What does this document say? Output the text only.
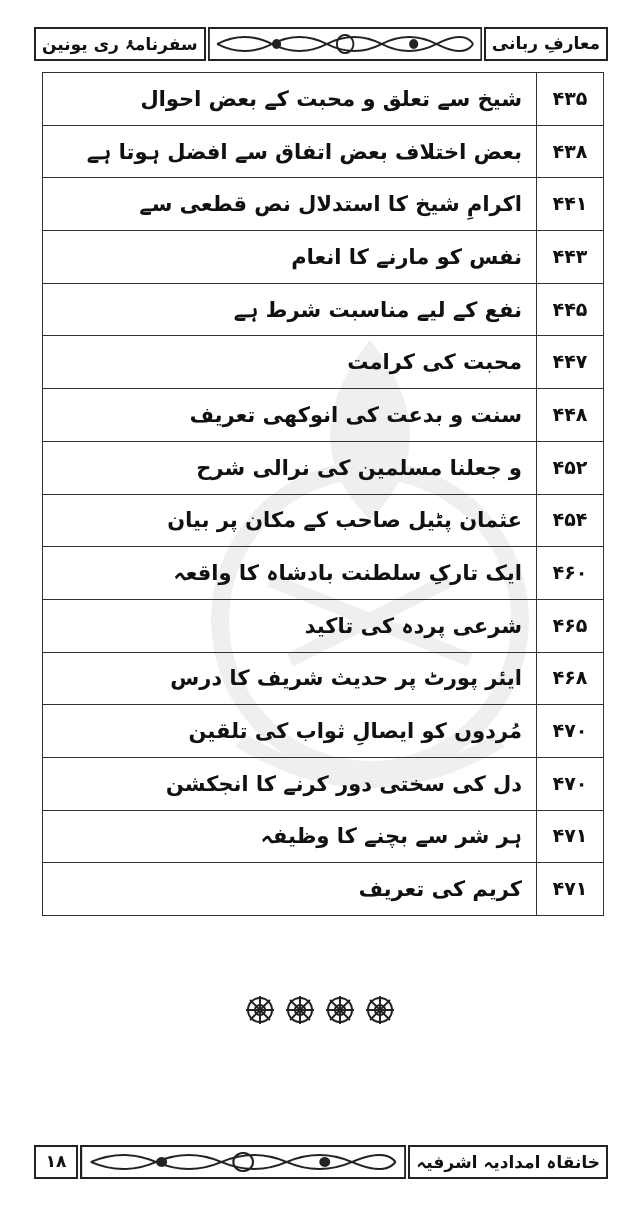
سفرنامۂ ری یونین	معارفِ ربانی
۴۳۵	شیخ سے تعلق و محبت کے بعض احوال
۴۳۸	بعض اختلاف بعض اتفاق سے افضل ہوتا ہے
۴۴۱	اکرامِ شیخ کا استدلال نص قطعی سے
۴۴۳	نفس کو مارنے کا انعام
۴۴۵	نفع کے لیے مناسبت شرط ہے
۴۴۷	محبت کی کرامت
۴۴۸	سنت و بدعت کی انوکھی تعریف
۴۵۲	و جعلنا مسلمین کی نرالی شرح
۴۵۴	عثمان پٹیل صاحب کے مکان پر بیان
۴۶۰	ایک تارکِ سلطنت بادشاہ کا واقعہ
۴۶۵	شرعی پردہ کی تاکید
۴۶۸	ایئر پورٹ پر حدیث شریف کا درس
۴۷۰	مُردوں کو ایصالِ ثواب کی تلقین
۴۷۰	دل کی سختی دور کرنے کا انجکشن
۴۷۱	ہر شر سے بچنے کا وظیفہ
۴۷۱	کریم کی تعریف
۱۸	خانقاہ امدادیہ اشرفیہ
